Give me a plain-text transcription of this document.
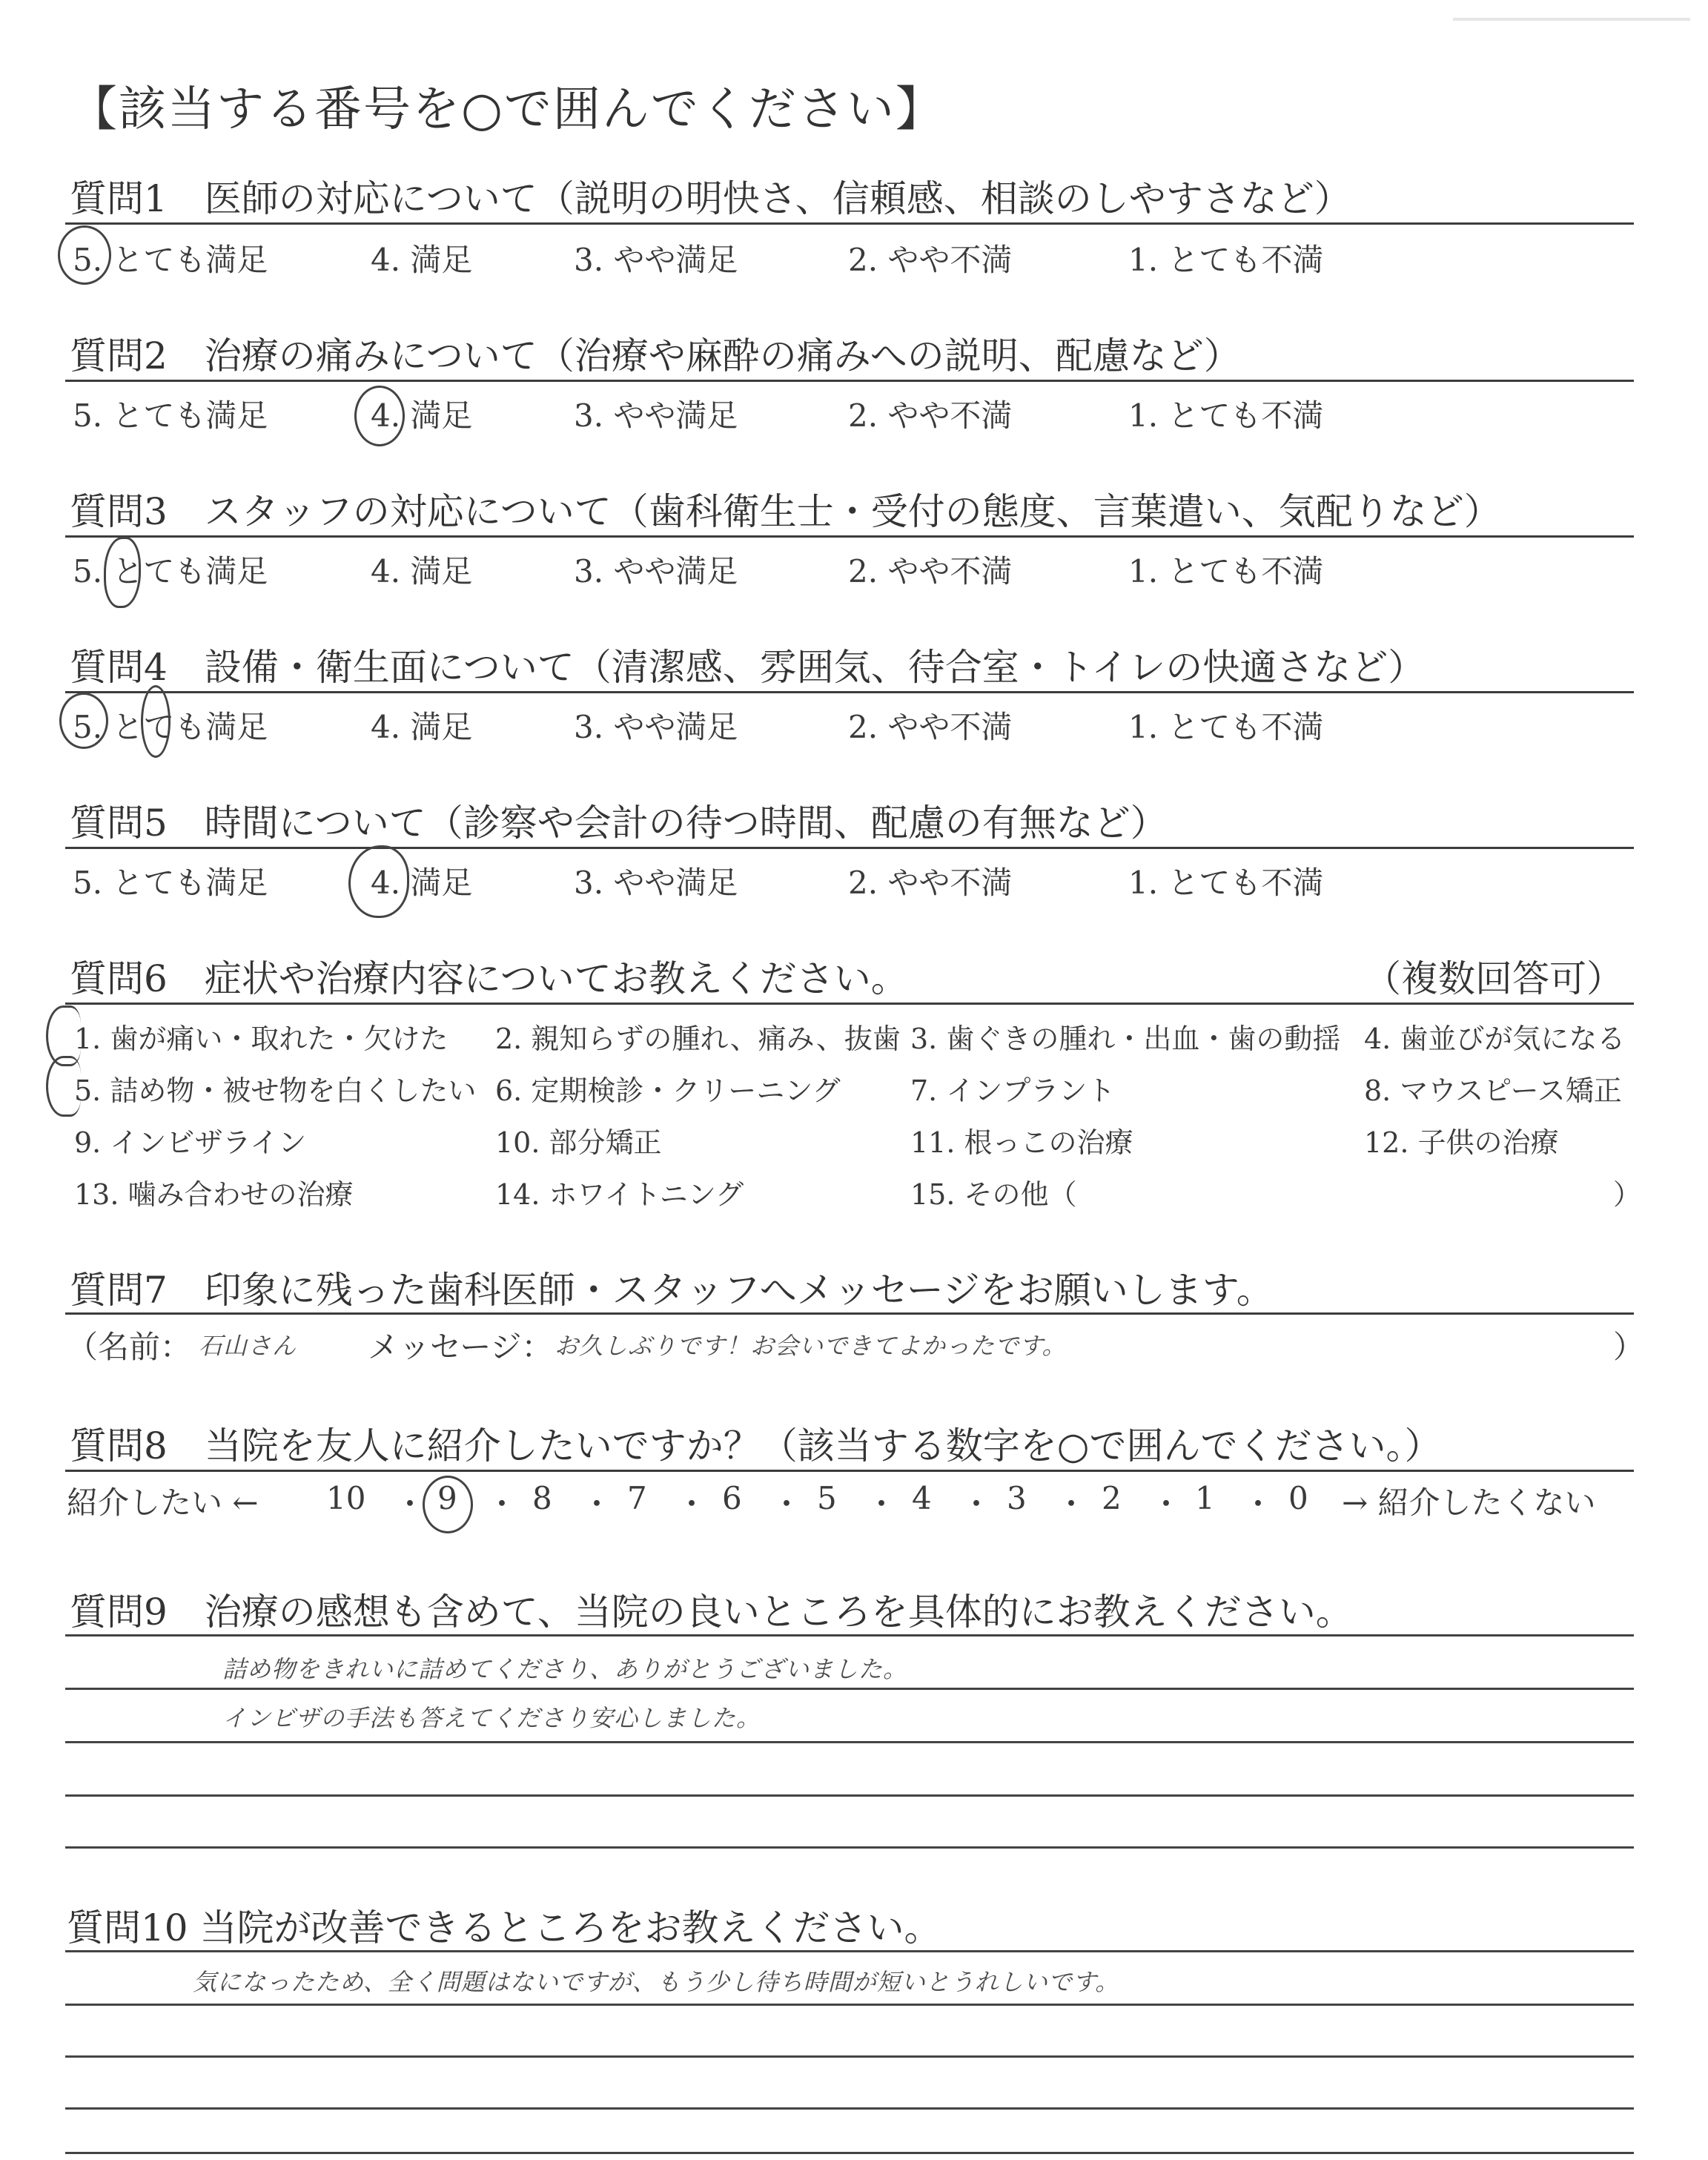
【該当する番号を○で囲んでください】
質問1　医師の対応について（説明の明快さ、信頼感、相談のしやすさなど）
5. とても満足	4. 満足	3. やや満足	2. やや不満	1. とても不満
質問2　治療の痛みについて（治療や麻酔の痛みへの説明、配慮など）
5. とても満足	4. 満足	3. やや満足	2. やや不満	1. とても不満
質問3　スタッフの対応について（歯科衛生士・受付の態度、言葉遣い、気配りなど）
5. とても満足	4. 満足	3. やや満足	2. やや不満	1. とても不満
質問4　設備・衛生面について（清潔感、雰囲気、待合室・トイレの快適さなど）
5. とても満足	4. 満足	3. やや満足	2. やや不満	1. とても不満
質問5　時間について（診察や会計の待つ時間、配慮の有無など）
5. とても満足	4. 満足	3. やや満足	2. やや不満	1. とても不満
質問6　症状や治療内容についてお教えください。	（複数回答可）
1. 歯が痛い・取れた・欠けた 2. 親知らずの腫れ、痛み、抜歯 3. 歯ぐきの腫れ・出血・歯の動揺 4. 歯並びが気になる
5. 詰め物・被せ物を白くしたい 6. 定期検診・クリーニング 7. インプラント	8. マウスピース矯正
9. インビザライン	10. 部分矯正	11. 根っこの治療	12. 子供の治療
13. 噛み合わせの治療	14. ホワイトニング	15. その他（	）
質問7　印象に残った歯科医師・スタッフへメッセージをお願いします。
（名前： 石山さん メッセージ： お久しぶりです！お会いできてよかったです。	）
質問8　当院を友人に紹介したいですか？（該当する数字を○で囲んでください。）
紹介したい ←	→ 紹介したくない
10 ・ 9 ・ 8 ・ 7 ・ 6 ・ 5 ・ 4 ・ 3 ・ 2 ・ 1 ・ 0
質問9　治療の感想も含めて、当院の良いところを具体的にお教えください。
詰め物をきれいに詰めてくださり、ありがとうございました。
インビザの手法も答えてくださり安心しました。
質問10 当院が改善できるところをお教えください。
気になったため、全く問題はないですが、もう少し待ち時間が短いとうれしいです。
